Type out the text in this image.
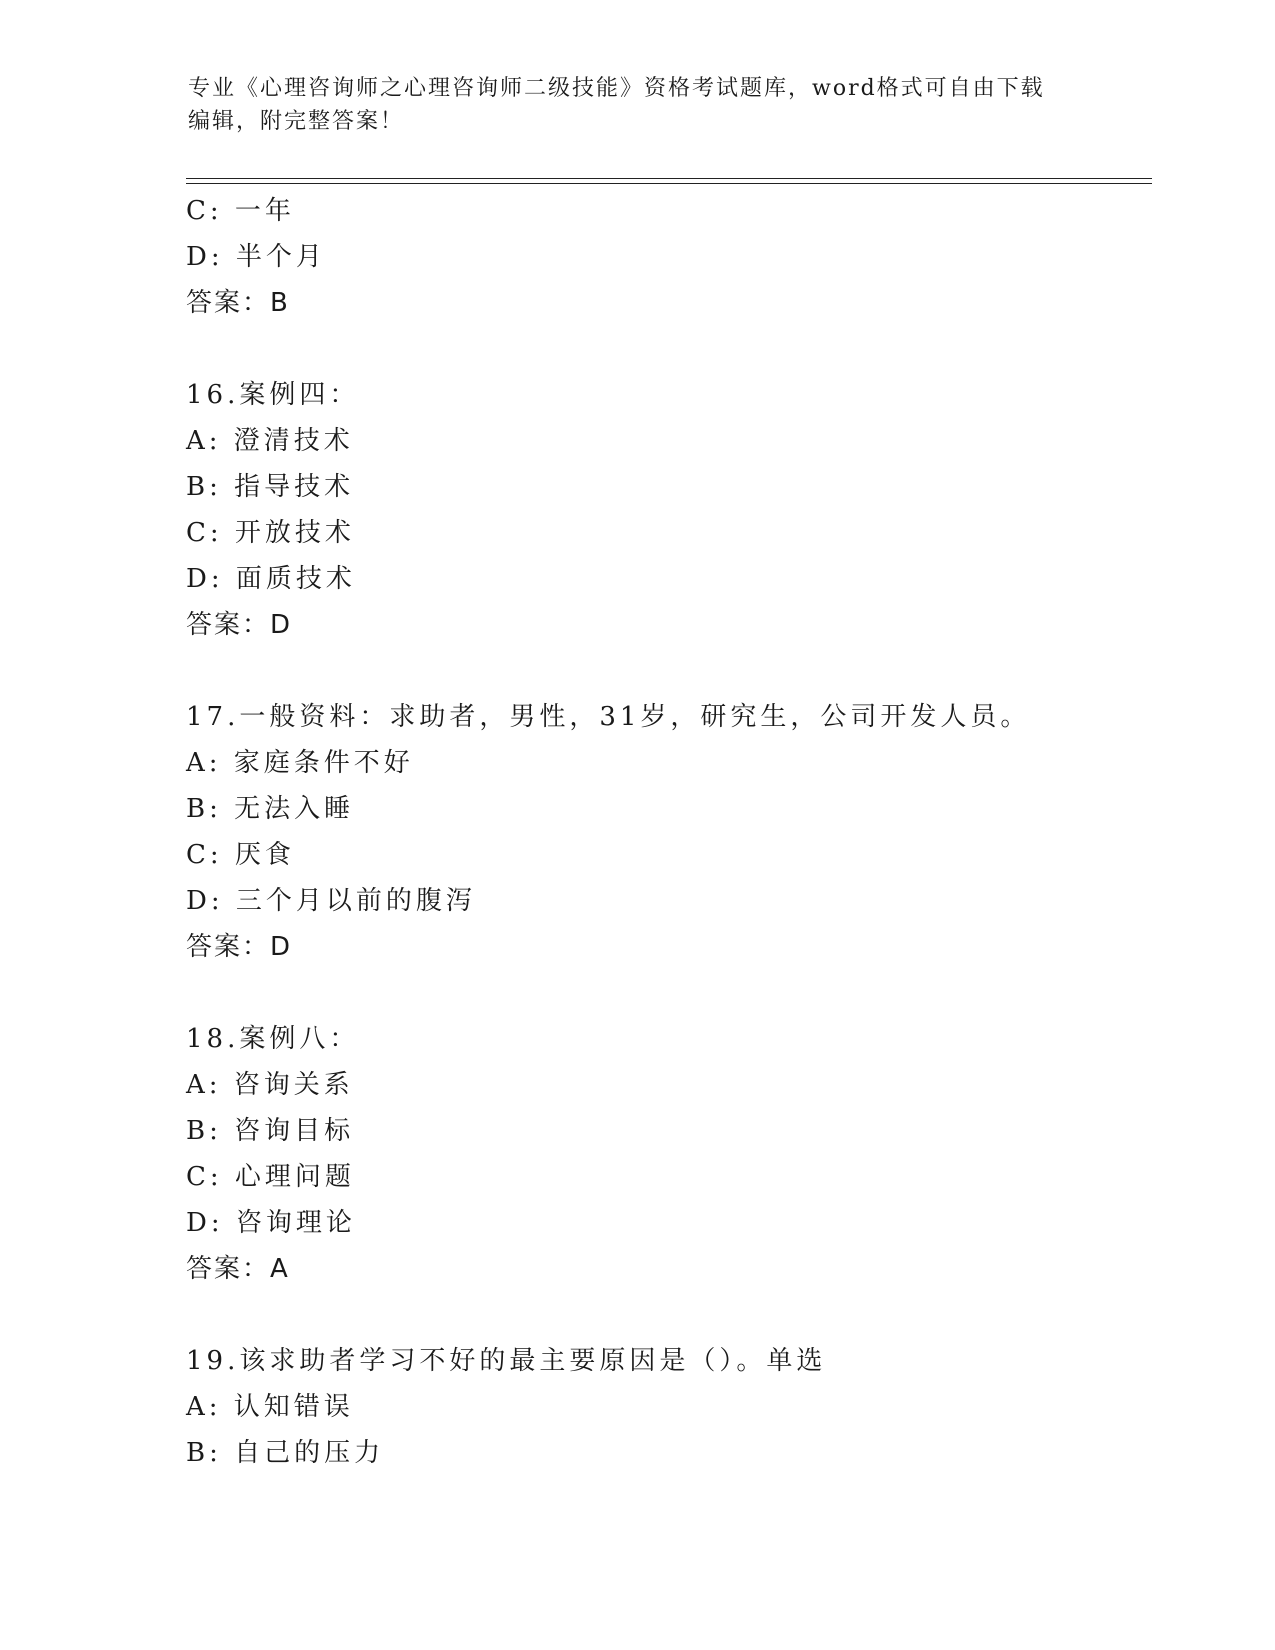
专业《心理咨询师之心理咨询师二级技能》资格考试题库，word格式可自由下载
编辑，附完整答案！
C: 一年
D: 半个月
答案：B
16.案例四：
A: 澄清技术
B: 指导技术
C: 开放技术
D: 面质技术
答案：D
17.一般资料：求助者，男性，31岁，研究生，公司开发人员。
A: 家庭条件不好
B: 无法入睡
C: 厌食
D: 三个月以前的腹泻
答案：D
18.案例八：
A: 咨询关系
B: 咨询目标
C: 心理问题
D: 咨询理论
答案：A
19.该求助者学习不好的最主要原因是（）。单选
A: 认知错误
B: 自己的压力
